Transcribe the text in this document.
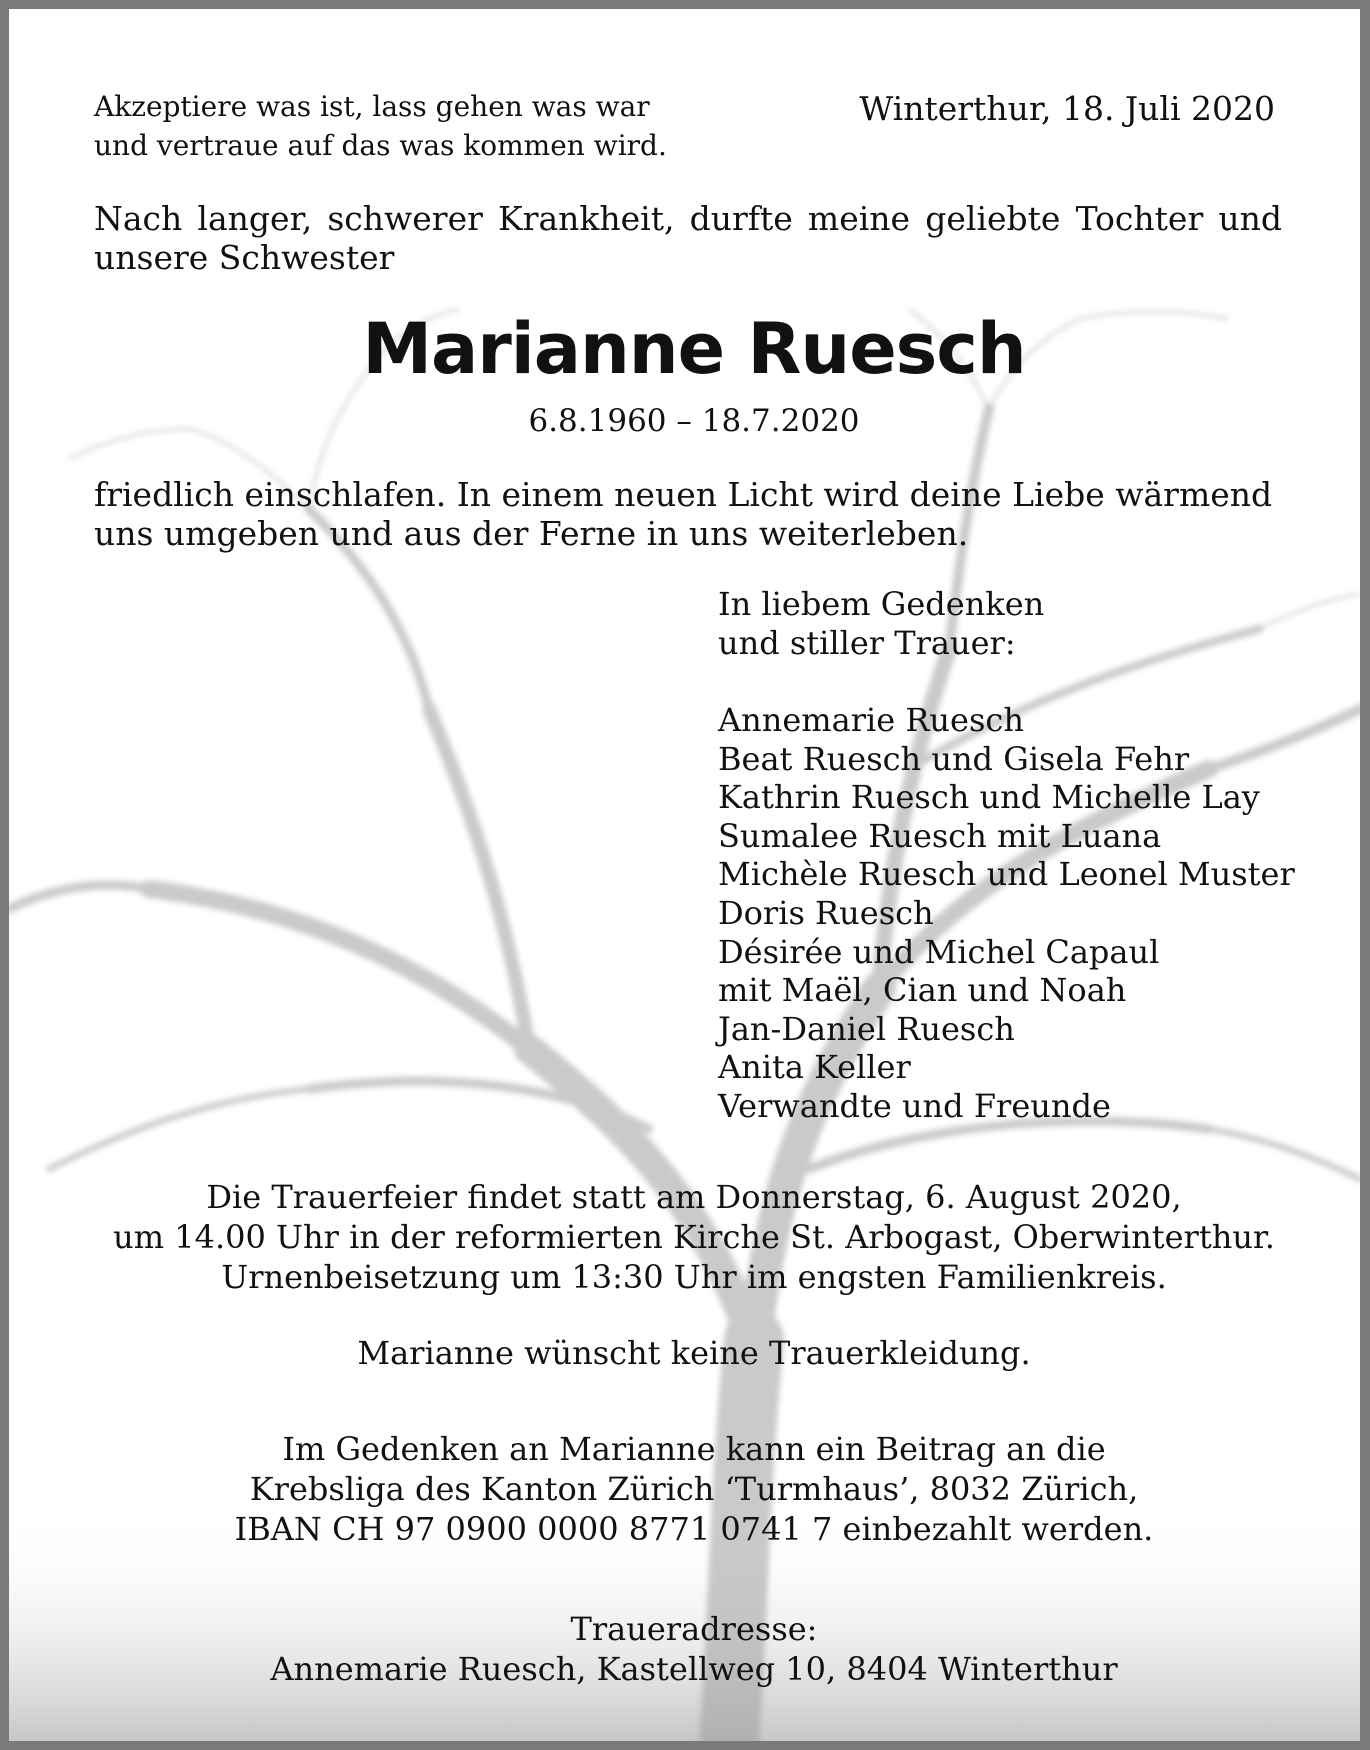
Akzeptiere was ist, lass gehen was war
und vertraue auf das was kommen wird.
Winterthur, 18. Juli 2020
Nach langer, schwerer Krankheit, durfte meine geliebte Tochter und
unsere Schwester
Marianne Ruesch
6.8.1960 – 18.7.2020
friedlich einschlafen. In einem neuen Licht wird deine Liebe wärmend
uns umgeben und aus der Ferne in uns weiterleben.
In liebem Gedenken
und stiller Trauer:
Annemarie Ruesch
Beat Ruesch und Gisela Fehr
Kathrin Ruesch und Michelle Lay
Sumalee Ruesch mit Luana
Michèle Ruesch und Leonel Muster
Doris Ruesch
Désirée und Michel Capaul
mit Maël, Cian und Noah
Jan-Daniel Ruesch
Anita Keller
Verwandte und Freunde
Die Trauerfeier findet statt am Donnerstag, 6. August 2020,
um 14.00 Uhr in der reformierten Kirche St. Arbogast, Oberwinterthur.
Urnenbeisetzung um 13:30 Uhr im engsten Familienkreis.
Marianne wünscht keine Trauerkleidung.
Im Gedenken an Marianne kann ein Beitrag an die
Krebsliga des Kanton Zürich ‘Turmhaus’, 8032 Zürich,
IBAN CH 97 0900 0000 8771 0741 7 einbezahlt werden.
Traueradresse:
Annemarie Ruesch, Kastellweg 10, 8404 Winterthur
